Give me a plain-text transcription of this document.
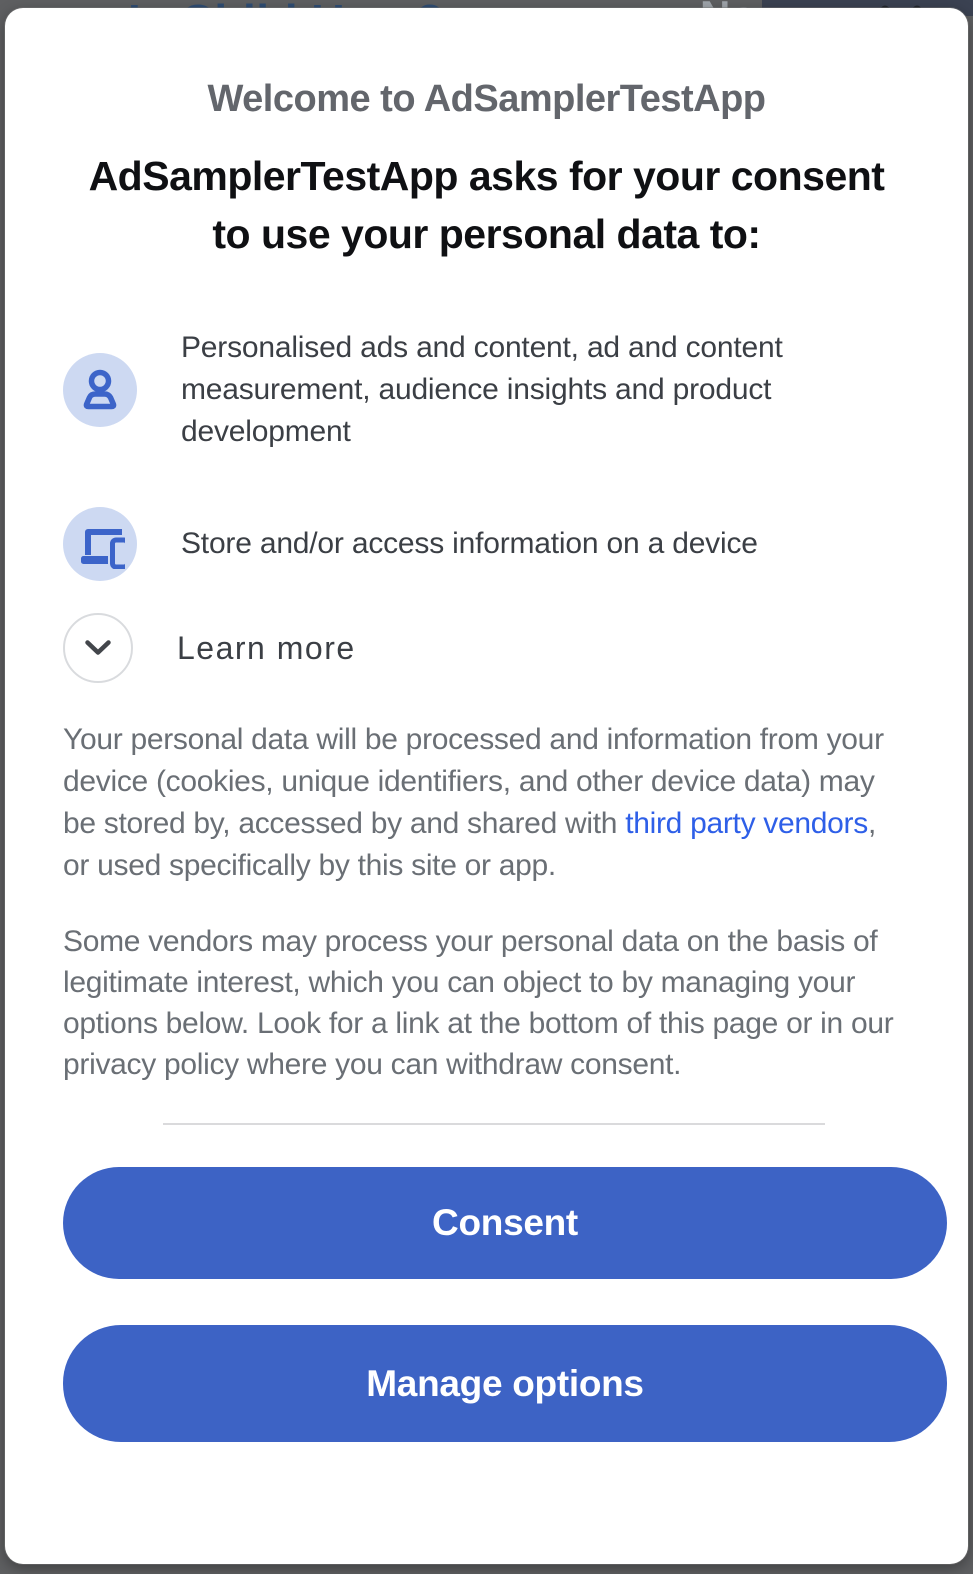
Welcome to AdSamplerTestApp
AdSamplerTestApp asks for your consent to use your personal data to:
Personalised ads and content, ad and content measurement, audience insights and product development
Store and/or access information on a device
Learn more
Your personal data will be processed and information from your device (cookies, unique identifiers, and other device data) may be stored by, accessed by and shared with third party vendors, or used specifically by this site or app.
Some vendors may process your personal data on the basis of legitimate interest, which you can object to by managing your options below. Look for a link at the bottom of this page or in our privacy policy where you can withdraw consent.
Consent
Manage options
